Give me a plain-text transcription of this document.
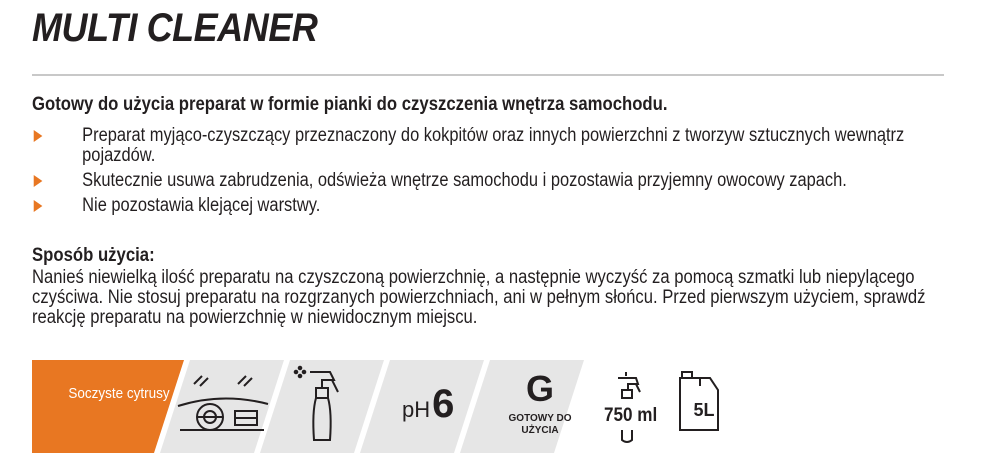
MULTI CLEANER
Gotowy do użycia preparat w formie pianki do czyszczenia wnętrza samochodu.
Preparat myjąco-czyszczący przeznaczony do kokpitów oraz innych powierzchni z tworzyw sztucznych wewnątrz pojazdów.
Skutecznie usuwa zabrudzenia, odświeża wnętrze samochodu i pozostawia przyjemny owocowy zapach.
Nie pozostawia klejącej warstwy.
Sposób użycia:
Nanieś niewielką ilość preparatu na czyszczoną powierzchnię, a następnie wyczyść za pomocą szmatki lub niepylącego czyściwa. Nie stosuj preparatu na rozgrzanych powierzchniach, ani w pełnym słońcu. Przed pierwszym użyciem, sprawdź reakcję preparatu na powierzchnię w niewidocznym miejscu.
Soczyste cytrusy
pH6	G
GOTOWY DO UŻYCIA
750 ml	5L
